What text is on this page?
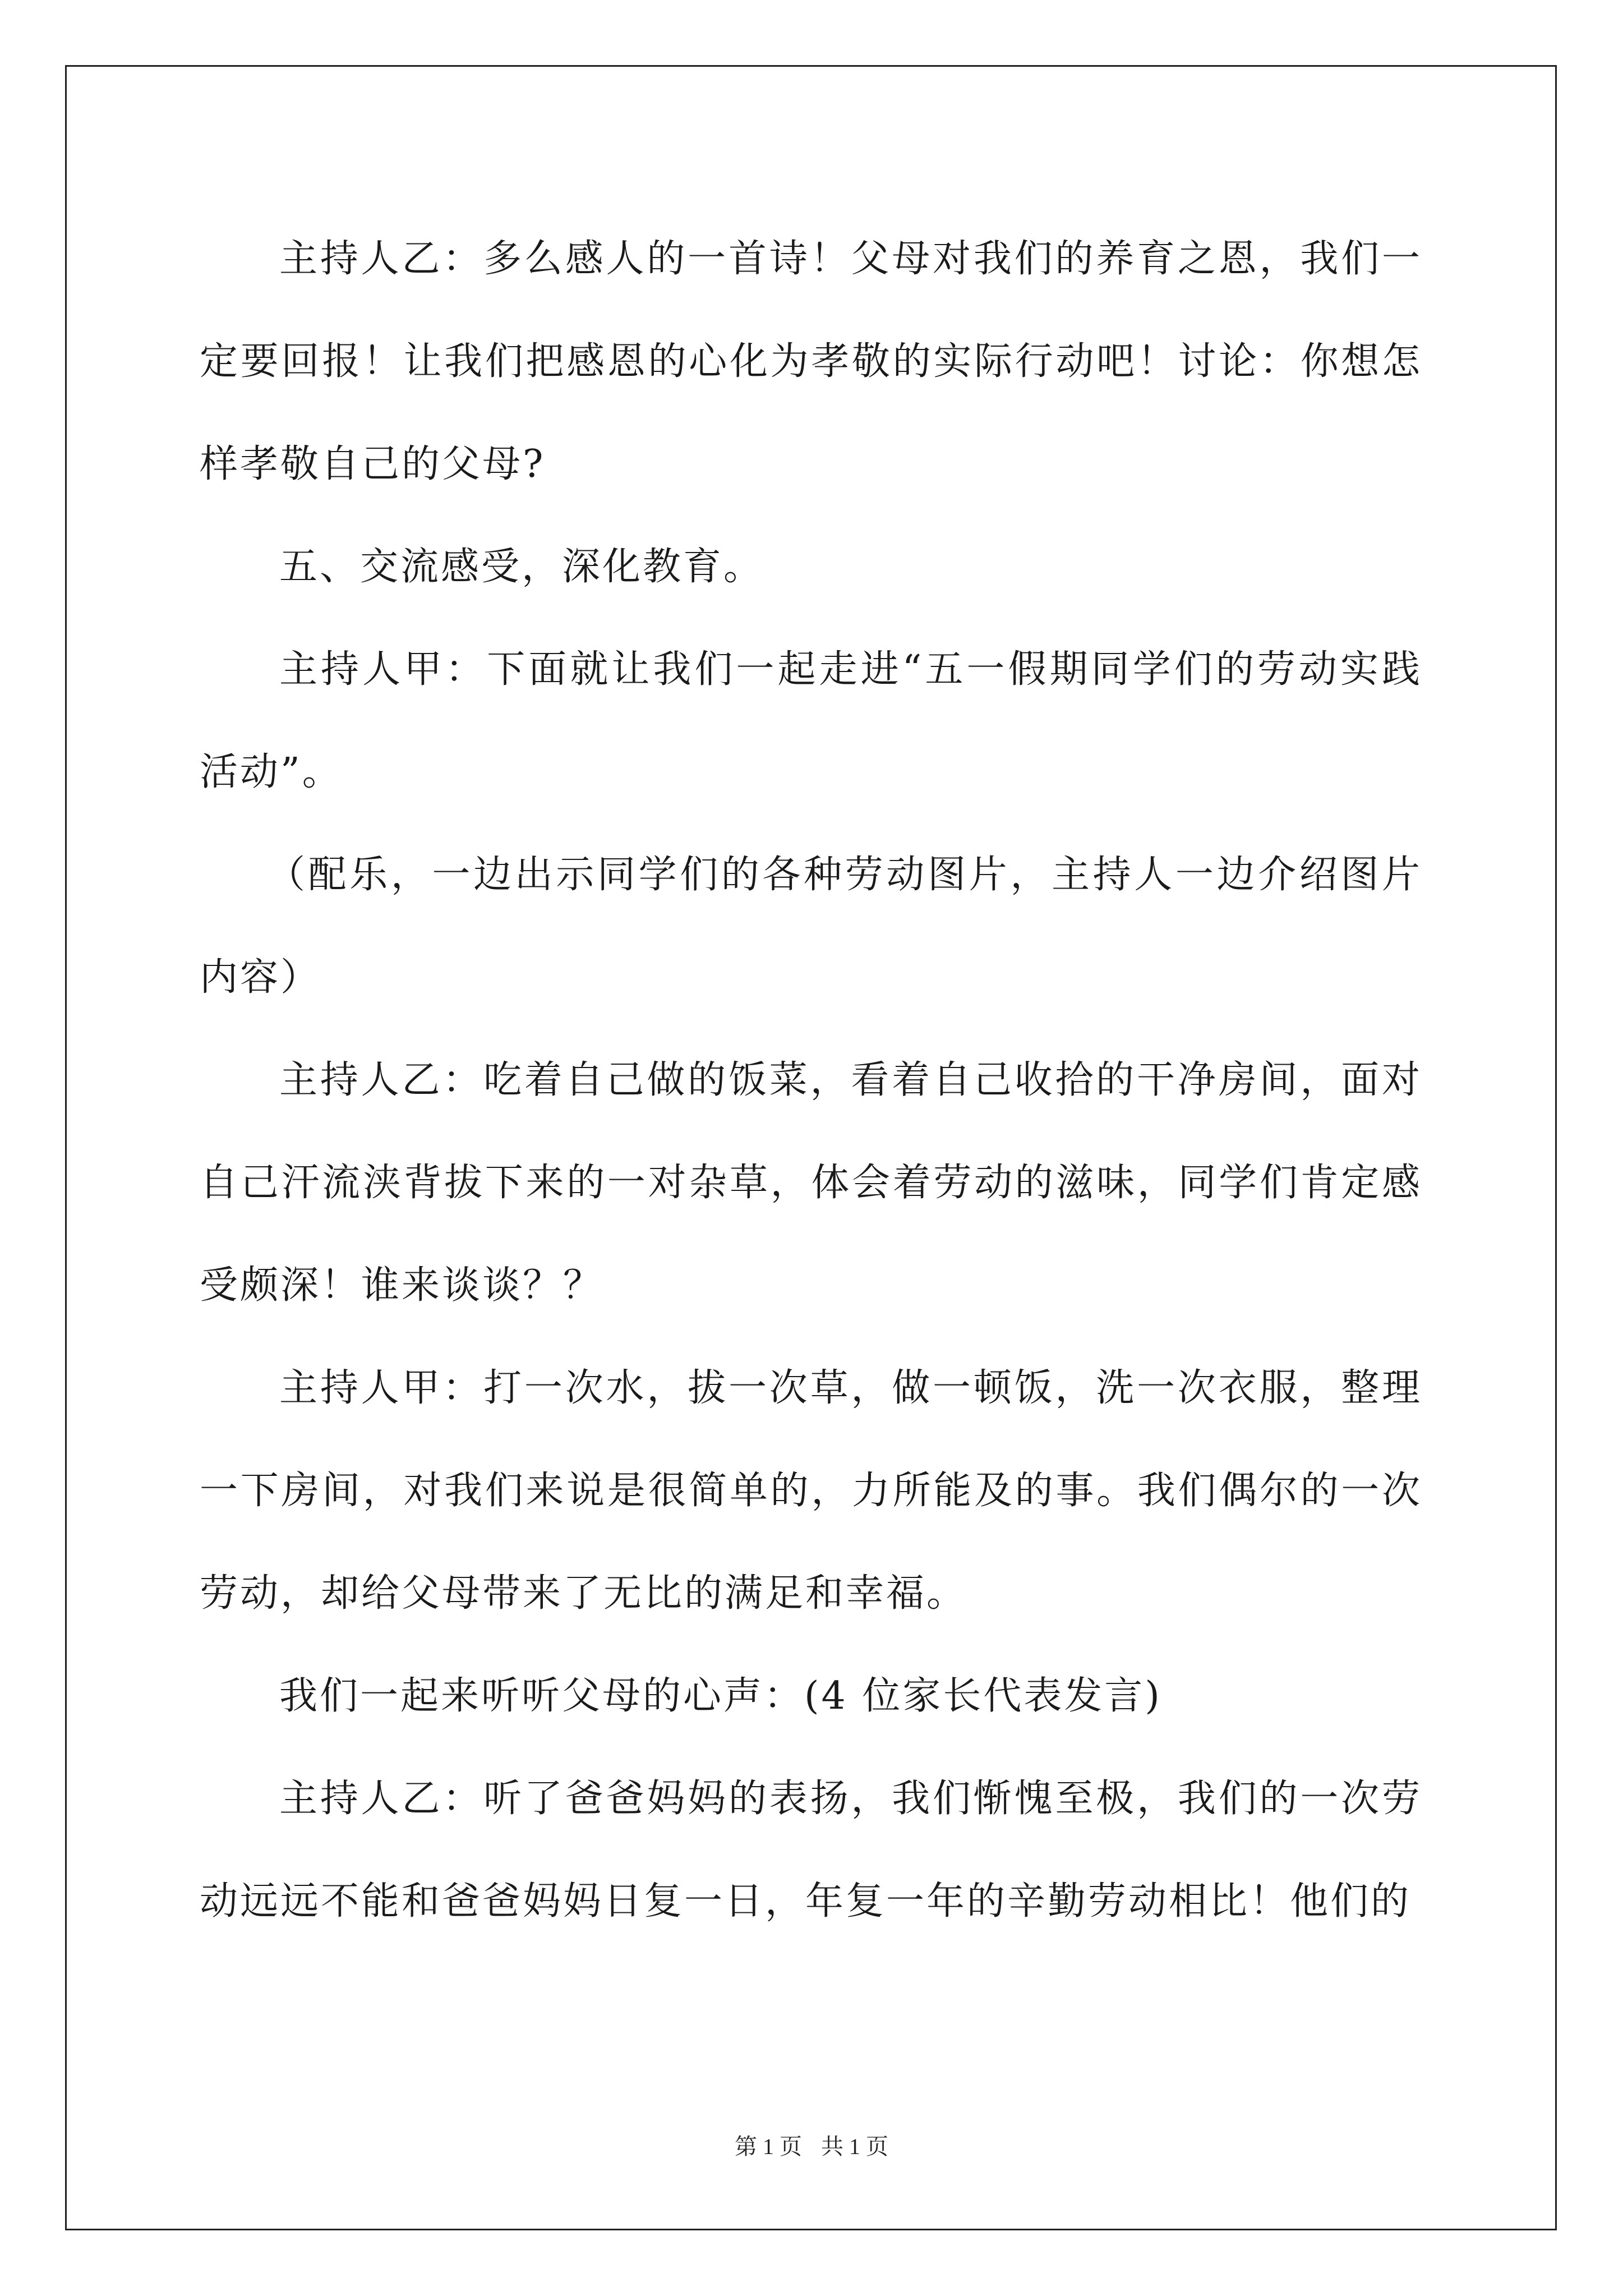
主持人乙：多么感人的一首诗！父母对我们的养育之恩，我们一定要回报！让我们把感恩的心化为孝敬的实际行动吧！讨论：你想怎样孝敬自己的父母?

五、交流感受，深化教育。

主持人甲：下面就让我们一起走进“五一假期同学们的劳动实践活动”。

（配乐，一边出示同学们的各种劳动图片，主持人一边介绍图片内容）

主持人乙：吃着自己做的饭菜，看着自己收拾的干净房间，面对自己汗流浃背拔下来的一对杂草，体会着劳动的滋味，同学们肯定感受颇深！谁来谈谈？？

主持人甲：打一次水，拔一次草，做一顿饭，洗一次衣服，整理一下房间，对我们来说是很简单的，力所能及的事。我们偶尔的一次劳动，却给父母带来了无比的满足和幸福。

我们一起来听听父母的心声：(4 位家长代表发言)

主持人乙：听了爸爸妈妈的表扬，我们惭愧至极，我们的一次劳动远远不能和爸爸妈妈日复一日，年复一年的辛勤劳动相比！他们的

第 1 页 共 1 页
